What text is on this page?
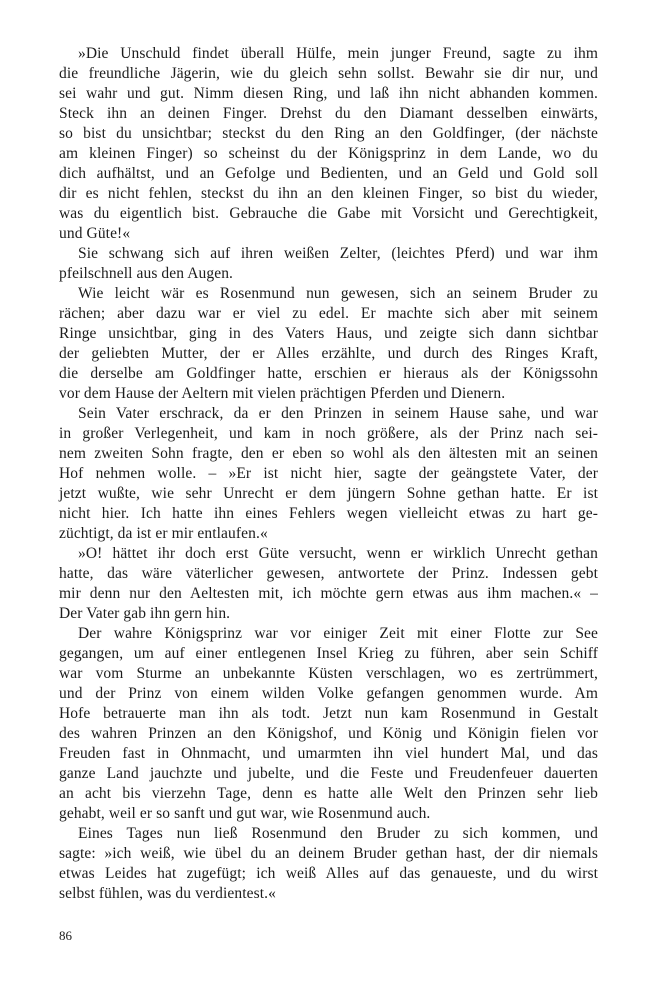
»Die Unschuld findet überall Hülfe, mein junger Freund, sagte zu ihm
die freundliche Jägerin, wie du gleich sehn sollst. Bewahr sie dir nur, und
sei wahr und gut. Nimm diesen Ring, und laß ihn nicht abhanden kommen.
Steck ihn an deinen Finger. Drehst du den Diamant desselben einwärts,
so bist du unsichtbar; steckst du den Ring an den Goldfinger, (der nächste
am kleinen Finger) so scheinst du der Königsprinz in dem Lande, wo du
dich aufhältst, und an Gefolge und Bedienten, und an Geld und Gold soll
dir es nicht fehlen, steckst du ihn an den kleinen Finger, so bist du wieder,
was du eigentlich bist. Gebrauche die Gabe mit Vorsicht und Gerechtigkeit,
und Güte!«
Sie schwang sich auf ihren weißen Zelter, (leichtes Pferd) und war ihm
pfeilschnell aus den Augen.
Wie leicht wär es Rosenmund nun gewesen, sich an seinem Bruder zu
rächen; aber dazu war er viel zu edel. Er machte sich aber mit seinem
Ringe unsichtbar, ging in des Vaters Haus, und zeigte sich dann sichtbar
der geliebten Mutter, der er Alles erzählte, und durch des Ringes Kraft,
die derselbe am Goldfinger hatte, erschien er hieraus als der Königssohn
vor dem Hause der Aeltern mit vielen prächtigen Pferden und Dienern.
Sein Vater erschrack, da er den Prinzen in seinem Hause sahe, und war
in großer Verlegenheit, und kam in noch größere, als der Prinz nach sei-
nem zweiten Sohn fragte, den er eben so wohl als den ältesten mit an seinen
Hof nehmen wolle. – »Er ist nicht hier, sagte der geängstete Vater, der
jetzt wußte, wie sehr Unrecht er dem jüngern Sohne gethan hatte. Er ist
nicht hier. Ich hatte ihn eines Fehlers wegen vielleicht etwas zu hart ge-
züchtigt, da ist er mir entlaufen.«
»O! hättet ihr doch erst Güte versucht, wenn er wirklich Unrecht gethan
hatte, das wäre väterlicher gewesen, antwortete der Prinz. Indessen gebt
mir denn nur den Aeltesten mit, ich möchte gern etwas aus ihm machen.« –
Der Vater gab ihn gern hin.
Der wahre Königsprinz war vor einiger Zeit mit einer Flotte zur See
gegangen, um auf einer entlegenen Insel Krieg zu führen, aber sein Schiff
war vom Sturme an unbekannte Küsten verschlagen, wo es zertrümmert,
und der Prinz von einem wilden Volke gefangen genommen wurde. Am
Hofe betrauerte man ihn als todt. Jetzt nun kam Rosenmund in Gestalt
des wahren Prinzen an den Königshof, und König und Königin fielen vor
Freuden fast in Ohnmacht, und umarmten ihn viel hundert Mal, und das
ganze Land jauchzte und jubelte, und die Feste und Freudenfeuer dauerten
an acht bis vierzehn Tage, denn es hatte alle Welt den Prinzen sehr lieb
gehabt, weil er so sanft und gut war, wie Rosenmund auch.
Eines Tages nun ließ Rosenmund den Bruder zu sich kommen, und
sagte: »ich weiß, wie übel du an deinem Bruder gethan hast, der dir niemals
etwas Leides hat zugefügt; ich weiß Alles auf das genaueste, und du wirst
selbst fühlen, was du verdientest.«
86
